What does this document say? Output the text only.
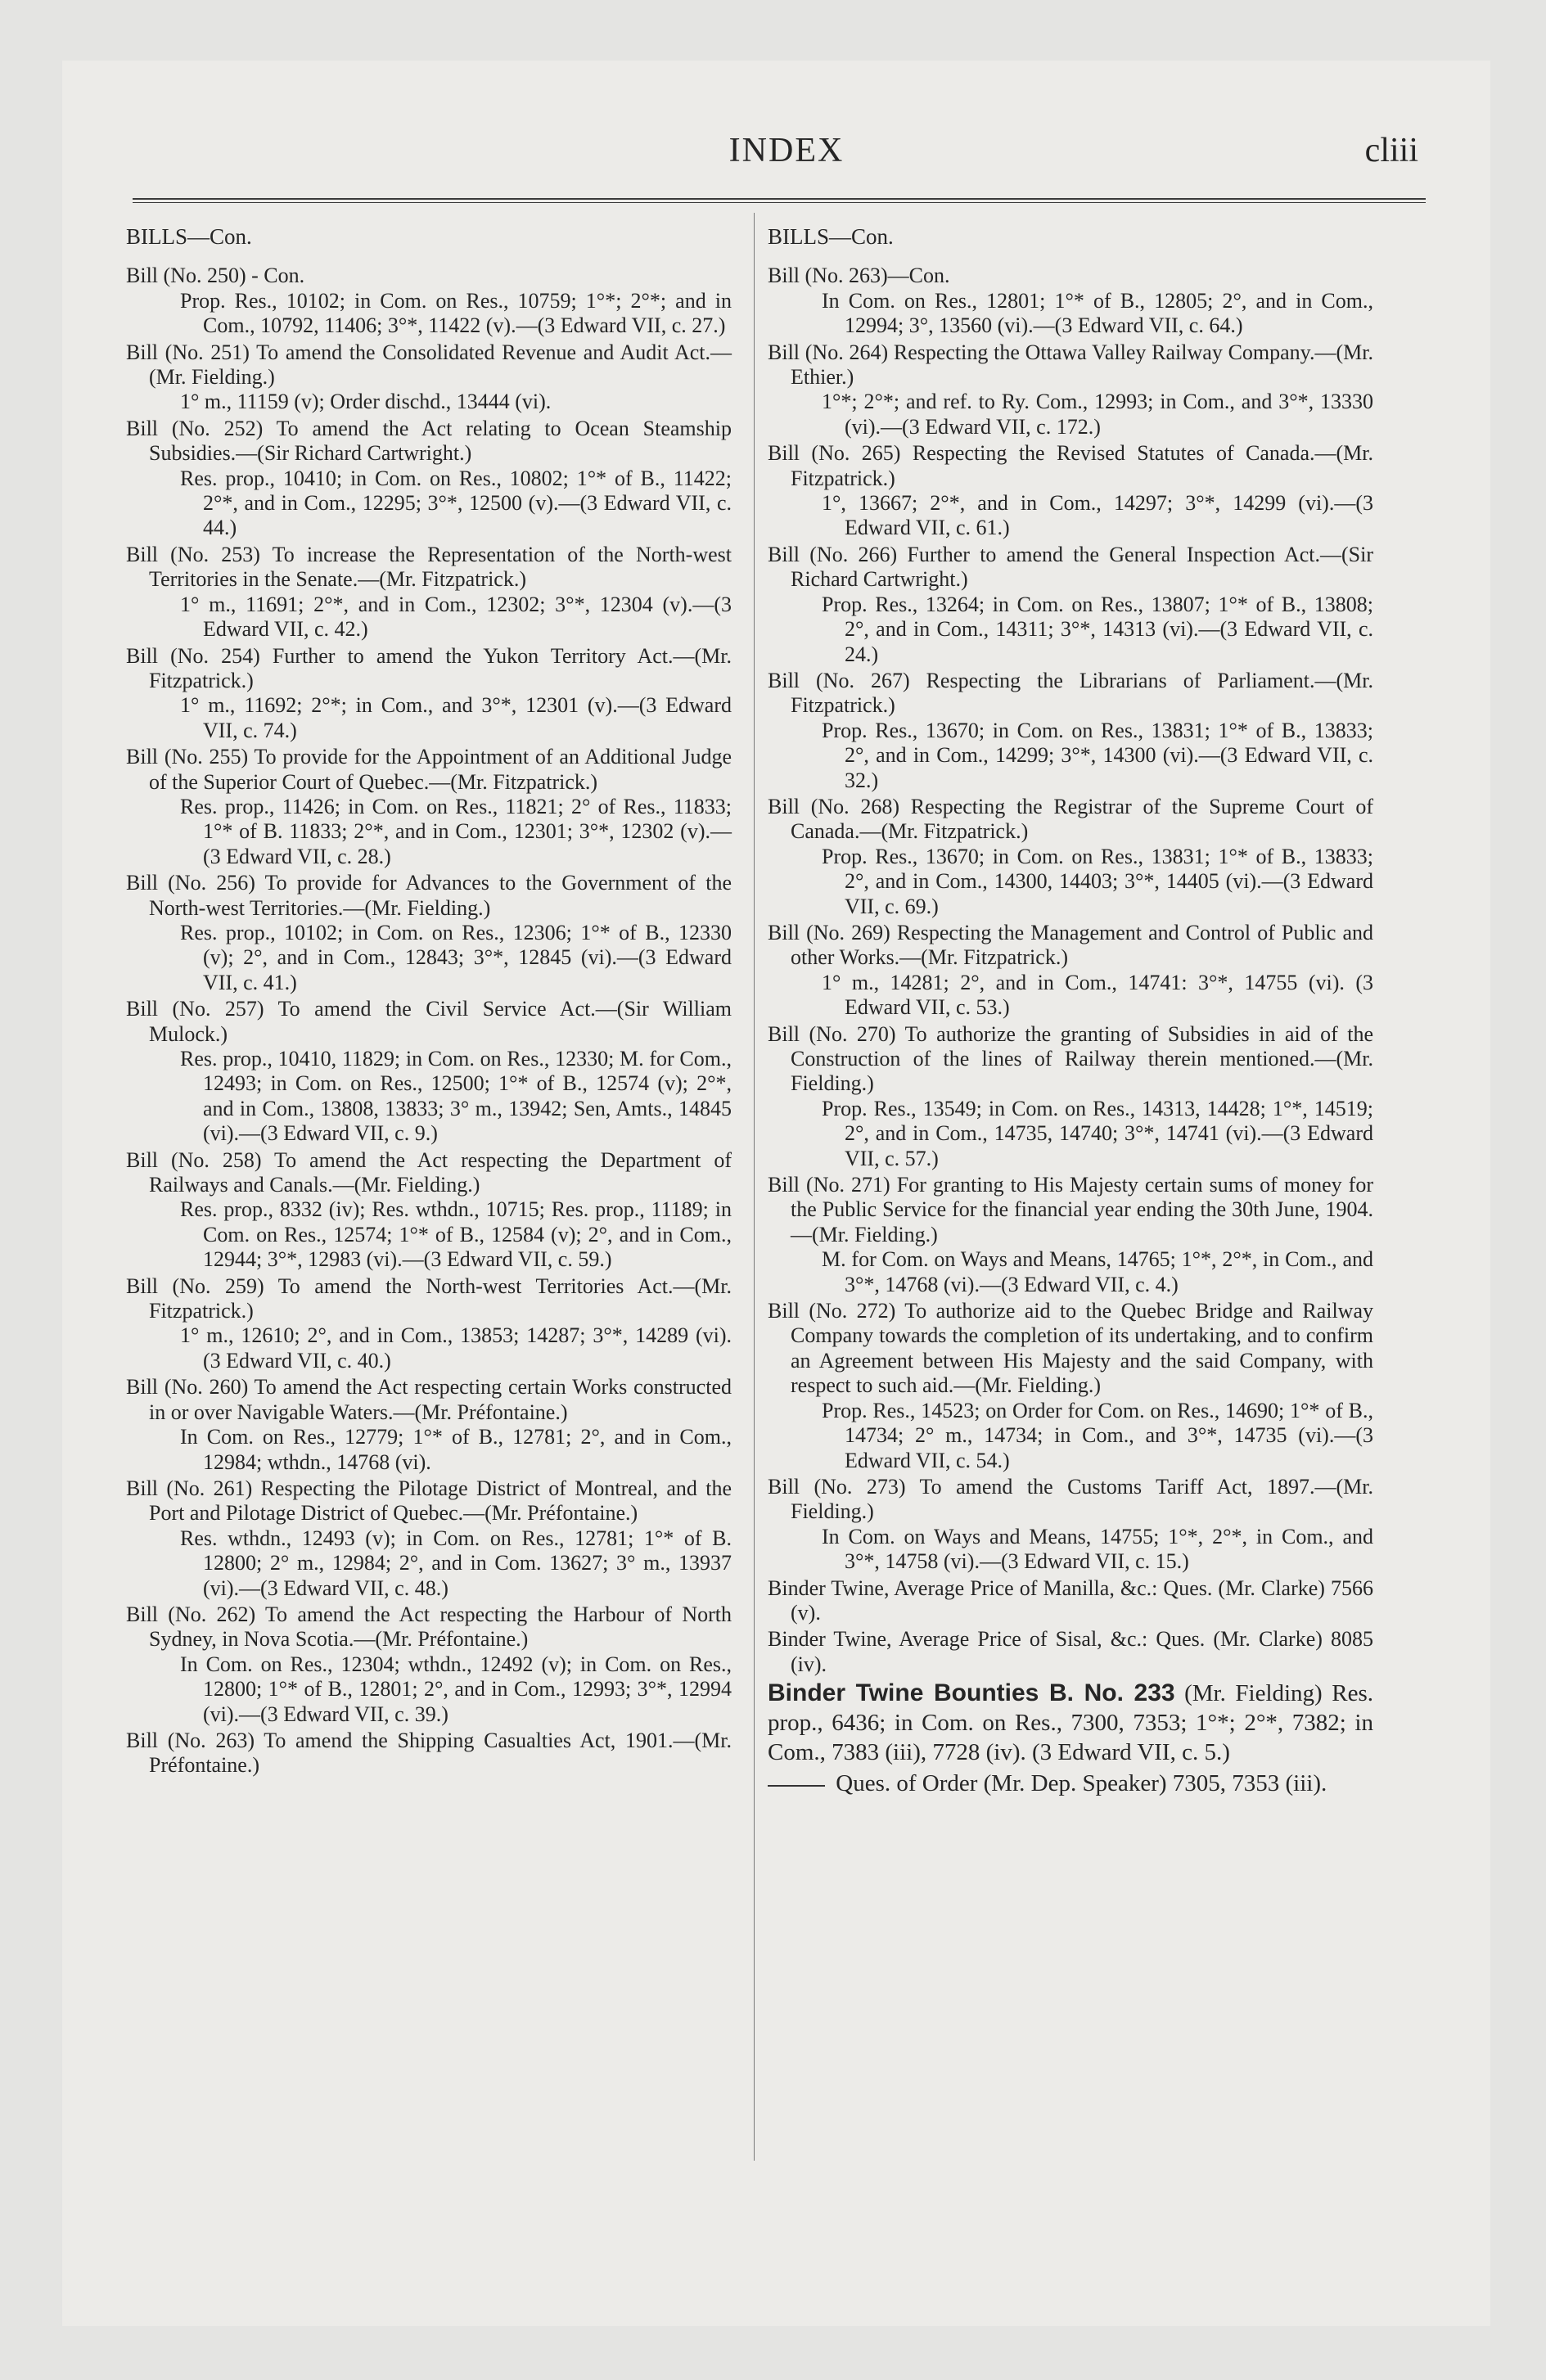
INDEX	cliii
BILLS—Con.

Bill (No. 250) - Con.

Prop. Res., 10102; in Com. on Res., 10759; 1°*; 2°*; and in Com., 10792, 11406; 3°*, 11422 (v).—(3 Edward VII, c. 27.)

Bill (No. 251) To amend the Consolidated Revenue and Audit Act.—(Mr. Fielding.)

1° m., 11159 (v); Order dischd., 13444 (vi).

Bill (No. 252) To amend the Act relating to Ocean Steamship Subsidies.—(Sir Richard Cartwright.)

Res. prop., 10410; in Com. on Res., 10802; 1°* of B., 11422; 2°*, and in Com., 12295; 3°*, 12500 (v).—(3 Edward VII, c. 44.)

Bill (No. 253) To increase the Representation of the North-west Territories in the Senate.—(Mr. Fitzpatrick.)

1° m., 11691; 2°*, and in Com., 12302; 3°*, 12304 (v).—(3 Edward VII, c. 42.)

Bill (No. 254) Further to amend the Yukon Territory Act.—(Mr. Fitzpatrick.)

1° m., 11692; 2°*; in Com., and 3°*, 12301 (v).—(3 Edward VII, c. 74.)

Bill (No. 255) To provide for the Appointment of an Additional Judge of the Superior Court of Quebec.—(Mr. Fitzpatrick.)

Res. prop., 11426; in Com. on Res., 11821; 2° of Res., 11833; 1°* of B. 11833; 2°*, and in Com., 12301; 3°*, 12302 (v).—(3 Edward VII, c. 28.)

Bill (No. 256) To provide for Advances to the Government of the North-west Territories.—(Mr. Fielding.)

Res. prop., 10102; in Com. on Res., 12306; 1°* of B., 12330 (v); 2°, and in Com., 12843; 3°*, 12845 (vi).—(3 Edward VII, c. 41.)

Bill (No. 257) To amend the Civil Service Act.—(Sir William Mulock.)

Res. prop., 10410, 11829; in Com. on Res., 12330; M. for Com., 12493; in Com. on Res., 12500; 1°* of B., 12574 (v); 2°*, and in Com., 13808, 13833; 3° m., 13942; Sen, Amts., 14845 (vi).—(3 Edward VII, c. 9.)

Bill (No. 258) To amend the Act respecting the Department of Railways and Canals.—(Mr. Fielding.)

Res. prop., 8332 (iv); Res. wthdn., 10715; Res. prop., 11189; in Com. on Res., 12574; 1°* of B., 12584 (v); 2°, and in Com., 12944; 3°*, 12983 (vi).—(3 Edward VII, c. 59.)

Bill (No. 259) To amend the North-west Territories Act.—(Mr. Fitzpatrick.)

1° m., 12610; 2°, and in Com., 13853; 14287; 3°*, 14289 (vi). (3 Edward VII, c. 40.)

Bill (No. 260) To amend the Act respecting certain Works constructed in or over Navigable Waters.—(Mr. Préfontaine.)

In Com. on Res., 12779; 1°* of B., 12781; 2°, and in Com., 12984; wthdn., 14768 (vi).

Bill (No. 261) Respecting the Pilotage District of Montreal, and the Port and Pilotage District of Quebec.—(Mr. Préfontaine.)

Res. wthdn., 12493 (v); in Com. on Res., 12781; 1°* of B. 12800; 2° m., 12984; 2°, and in Com. 13627; 3° m., 13937 (vi).—(3 Edward VII, c. 48.)

Bill (No. 262) To amend the Act respecting the Harbour of North Sydney, in Nova Scotia.—(Mr. Préfontaine.)

In Com. on Res., 12304; wthdn., 12492 (v); in Com. on Res., 12800; 1°* of B., 12801; 2°, and in Com., 12993; 3°*, 12994 (vi).—(3 Edward VII, c. 39.)

Bill (No. 263) To amend the Shipping Casualties Act, 1901.—(Mr. Préfontaine.)

BILLS—Con.

Bill (No. 263)—Con.

In Com. on Res., 12801; 1°* of B., 12805; 2°, and in Com., 12994; 3°, 13560 (vi).—(3 Edward VII, c. 64.)

Bill (No. 264) Respecting the Ottawa Valley Railway Company.—(Mr. Ethier.)

1°*; 2°*; and ref. to Ry. Com., 12993; in Com., and 3°*, 13330 (vi).—(3 Edward VII, c. 172.)

Bill (No. 265) Respecting the Revised Statutes of Canada.—(Mr. Fitzpatrick.)

1°, 13667; 2°*, and in Com., 14297; 3°*, 14299 (vi).—(3 Edward VII, c. 61.)

Bill (No. 266) Further to amend the General Inspection Act.—(Sir Richard Cartwright.)

Prop. Res., 13264; in Com. on Res., 13807; 1°* of B., 13808; 2°, and in Com., 14311; 3°*, 14313 (vi).—(3 Edward VII, c. 24.)

Bill (No. 267) Respecting the Librarians of Parliament.—(Mr. Fitzpatrick.)

Prop. Res., 13670; in Com. on Res., 13831; 1°* of B., 13833; 2°, and in Com., 14299; 3°*, 14300 (vi).—(3 Edward VII, c. 32.)

Bill (No. 268) Respecting the Registrar of the Supreme Court of Canada.—(Mr. Fitzpatrick.)

Prop. Res., 13670; in Com. on Res., 13831; 1°* of B., 13833; 2°, and in Com., 14300, 14403; 3°*, 14405 (vi).—(3 Edward VII, c. 69.)

Bill (No. 269) Respecting the Management and Control of Public and other Works.—(Mr. Fitzpatrick.)

1° m., 14281; 2°, and in Com., 14741: 3°*, 14755 (vi). (3 Edward VII, c. 53.)

Bill (No. 270) To authorize the granting of Subsidies in aid of the Construction of the lines of Railway therein mentioned.—(Mr. Fielding.)

Prop. Res., 13549; in Com. on Res., 14313, 14428; 1°*, 14519; 2°, and in Com., 14735, 14740; 3°*, 14741 (vi).—(3 Edward VII, c. 57.)

Bill (No. 271) For granting to His Majesty certain sums of money for the Public Service for the financial year ending the 30th June, 1904.—(Mr. Fielding.)

M. for Com. on Ways and Means, 14765; 1°*, 2°*, in Com., and 3°*, 14768 (vi).—(3 Edward VII, c. 4.)

Bill (No. 272) To authorize aid to the Quebec Bridge and Railway Company towards the completion of its undertaking, and to confirm an Agreement between His Majesty and the said Company, with respect to such aid.—(Mr. Fielding.)

Prop. Res., 14523; on Order for Com. on Res., 14690; 1°* of B., 14734; 2° m., 14734; in Com., and 3°*, 14735 (vi).—(3 Edward VII, c. 54.)

Bill (No. 273) To amend the Customs Tariff Act, 1897.—(Mr. Fielding.)

In Com. on Ways and Means, 14755; 1°*, 2°*, in Com., and 3°*, 14758 (vi).—(3 Edward VII, c. 15.)

Binder Twine, Average Price of Manilla, &c.: Ques. (Mr. Clarke) 7566 (v).

Binder Twine, Average Price of Sisal, &c.: Ques. (Mr. Clarke) 8085 (iv).

Binder Twine Bounties B. No. 233 (Mr. Fielding) Res. prop., 6436; in Com. on Res., 7300, 7353; 1°*; 2°*, 7382; in Com., 7383 (iii), 7728 (iv). (3 Edward VII, c. 5.)
Ques. of Order (Mr. Dep. Speaker) 7305, 7353 (iii).
